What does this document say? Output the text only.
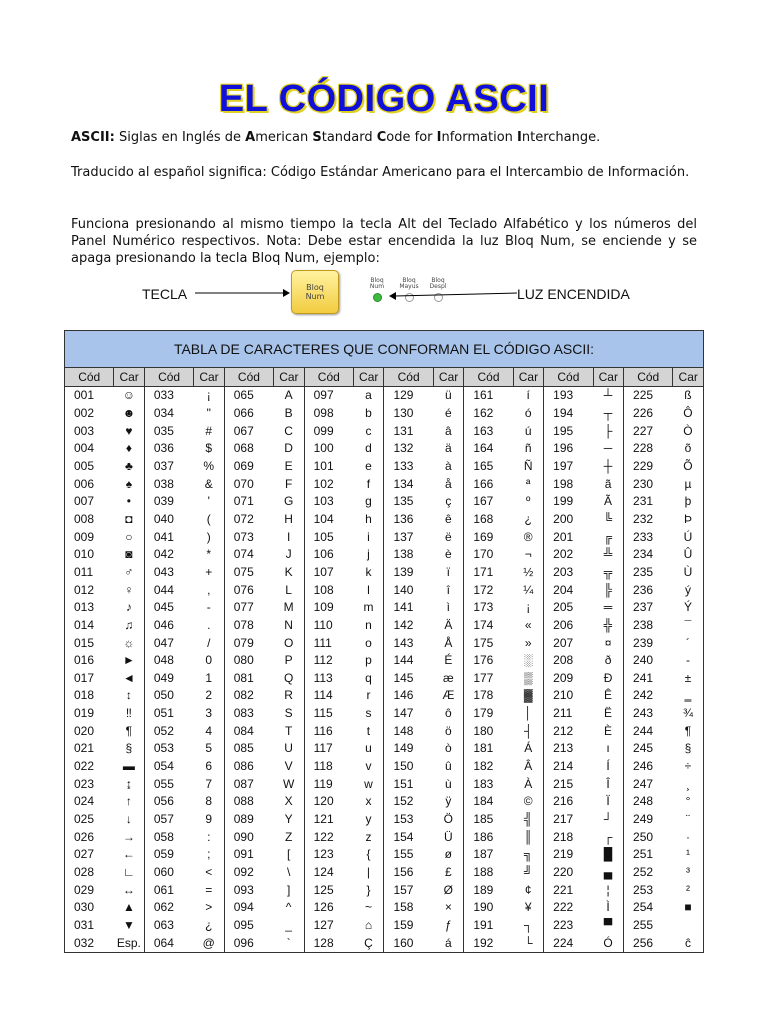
EL CÓDIGO ASCII
ASCII: Siglas en Inglés de American Standard Code for Information Interchange.
Traducido al español significa: Código Estándar Americano para el Intercambio de Información.
Funciona presionando al mismo tiempo la tecla Alt del Teclado Alfabético y los números del Panel Numérico respectivos. Nota: Debe estar encendida la luz Bloq Num, se enciende y se apaga presionando la tecla Bloq Num, ejemplo:
TECLA	Bloq
Num
Bloq
Num
Bloq
Mayus
Bloq
Despl	LUZ ENCENDIDA
TABLA DE CARACTERES QUE CONFORMAN EL CÓDIGO ASCII:															
Cód	Car	Cód	Car	Cód	Car	Cód	Car	Cód	Car	Cód	Car	Cód	Car	Cód	Car
001	☺	033	¡	065	A	097	a	129	ü	161	í	193	┴	225	ß
002	☻	034	"	066	B	098	b	130	é	162	ó	194	┬	226	Ô
003	♥	035	#	067	C	099	c	131	â	163	ú	195	├	227	Ò
004	♦	036	$	068	D	100	d	132	ä	164	ñ	196	─	228	õ
005	♣	037	%	069	E	101	e	133	à	165	Ñ	197	┼	229	Õ
006	♠	038	&	070	F	102	f	134	å	166	ª	198	ã	230	µ
007	•	039	'	071	G	103	g	135	ç	167	º	199	Ã	231	þ
008	◘	040	(	072	H	104	h	136	ê	168	¿	200	╚	232	Þ
009	○	041	)	073	I	105	i	137	ë	169	®	201	╔	233	Ú
010	◙	042	*	074	J	106	j	138	è	170	¬	202	╩	234	Û
011	♂	043	+	075	K	107	k	139	ï	171	½	203	╦	235	Ù
012	♀	044	,	076	L	108	l	140	î	172	¼	204	╠	236	ý
013	♪	045	-	077	M	109	m	141	ì	173	¡	205	═	237	Ý
014	♫	046	.	078	N	110	n	142	Ä	174	«	206	╬	238	¯
015	☼	047	/	079	O	111	o	143	Å	175	»	207	¤	239	´
016	►	048	0	080	P	112	p	144	É	176	░	208	ð	240	-
017	◄	049	1	081	Q	113	q	145	æ	177	▒	209	Ð	241	±
018	↕	050	2	082	R	114	r	146	Æ	178	▓	210	Ê	242	‗
019	‼	051	3	083	S	115	s	147	ô	179	│	211	Ë	243	¾
020	¶	052	4	084	T	116	t	148	ö	180	┤	212	È	244	¶
021	§	053	5	085	U	117	u	149	ò	181	Á	213	ı	245	§
022	▬	054	6	086	V	118	v	150	û	182	Â	214	Í	246	÷
023	↨	055	7	087	W	119	w	151	ù	183	À	215	Î	247	¸
024	↑	056	8	088	X	120	x	152	ÿ	184	©	216	Ï	248	°
025	↓	057	9	089	Y	121	y	153	Ö	185	╣	217	┘	249	¨
026	→	058	:	090	Z	122	z	154	Ü	186	║	218	┌	250	·
027	←	059	;	091	[	123	{	155	ø	187	╗	219	█	251	¹
028	∟	060	<	092	\	124	|	156	£	188	╝	220	▄	252	³
029	↔	061	=	093	]	125	}	157	Ø	189	¢	221	¦	253	²
030	▲	062	>	094	^	126	~	158	×	190	¥	222	Ì	254	■
031	▼	063	¿	095	_	127	⌂	159	ƒ	191	┐	223	▀	255	
032	Esp.	064	@	096	`	128	Ç	160	á	192	└	224	Ó	256	ĉ
